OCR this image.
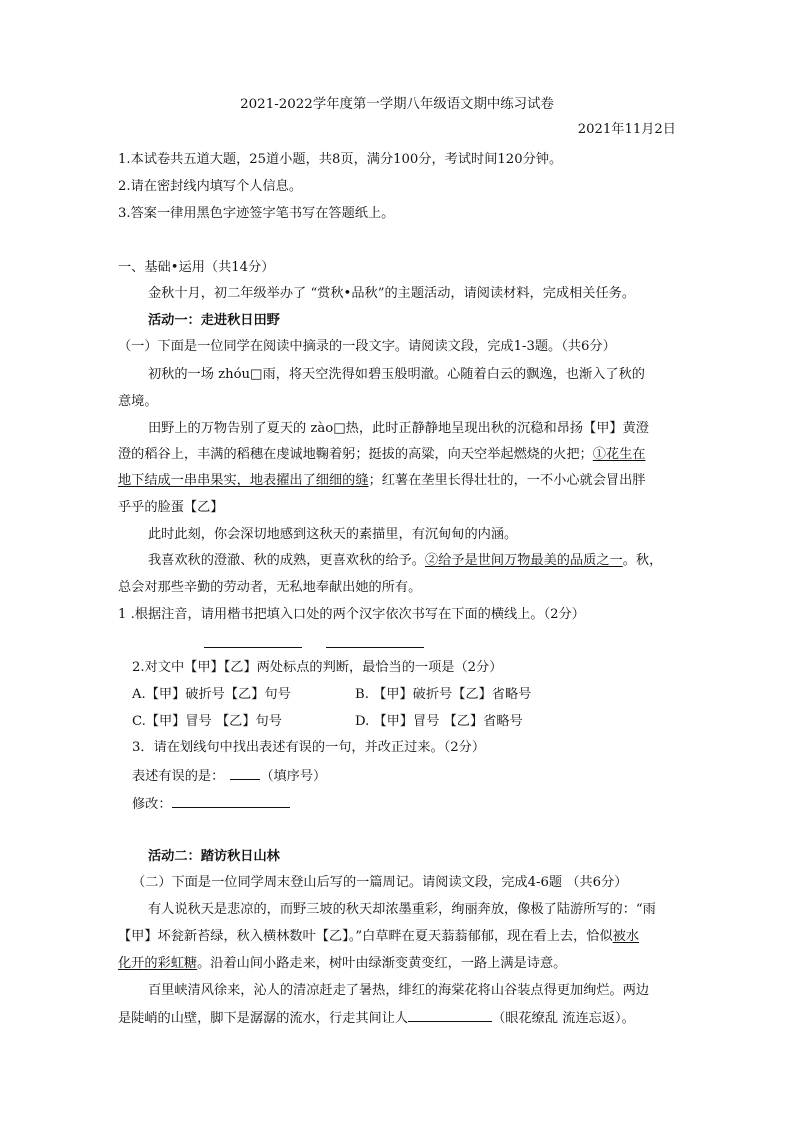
2021-2022学年度第一学期八年级语文期中练习试卷
2021年11月2日
1.本试卷共五道大题，25道小题，共8页，满分100分，考试时间120分钟。
2.请在密封线内填写个人信息。
3.答案一律用黑色字迹签字笔书写在答题纸上。
一、基础•运用（共14分）
金秋十月，初二年级举办了 “赏秋•品秋”的主题活动，请阅读材料，完成相关任务。
活动一：走进秋日田野
（一）下面是一位同学在阅读中摘录的一段文字。请阅读文段，完成1-3题。（共6分）
初秋的一场 zhóu□雨，将天空洗得如碧玉般明澈。心随着白云的飘逸，也渐入了秋的
意境。
田野上的万物告别了夏天的 zào□热，此时正静静地呈现出秋的沉稳和昂扬【甲】黄澄
澄的稻谷上，丰满的稻穗在虔诚地鞠着躬；挺拔的高粱，向天空举起燃烧的火把；①花生在
地下结成一串串果实，地表擢出了细细的缝；红薯在垄里长得壮壮的，一不小心就会冒出胖
乎乎的脸蛋【乙】
此时此刻，你会深切地感到这秋天的素描里，有沉甸甸的内涵。
我喜欢秋的澄澈、秋的成熟，更喜欢秋的给予。②给予是世间万物最美的品质之一。秋，
总会对那些辛勤的劳动者，无私地奉献出她的所有。
1 .根据注音，请用楷书把填入口处的两个汉字依次书写在下面的横线上。（2分）

2.对文中【甲】【乙】两处标点的判断，最恰当的一项是（2分）
A.【甲】破折号【乙】句号	B. 【甲】破折号【乙】省略号
C.【甲】冒号 【乙】句号	D. 【甲】冒号 【乙】省略号
3．请在划线句中找出表述有误的一句，并改正过来。（2分）
表述有误的是：	（填序号）
修改：
活动二：踏访秋日山林
（二）下面是一位同学周末登山后写的一篇周记。请阅读文段，完成4-6题 （共6分）
有人说秋天是悲凉的，而野三坡的秋天却浓墨重彩，绚丽奔放，像极了陆游所写的：“雨
【甲】坏瓮新苔绿，秋入横林数叶【乙】。”白草畔在夏天蓊蓊郁郁，现在看上去，恰似被水
化开的彩虹糖。沿着山间小路走来，树叶由绿渐变黄变红，一路上满是诗意。
百里峡清风徐来，沁人的清凉赶走了暑热，绯红的海棠花将山谷装点得更加绚烂。两边
是陡峭的山壁，脚下是潺潺的流水，行走其间让人	（眼花缭乱 流连忘返）。
